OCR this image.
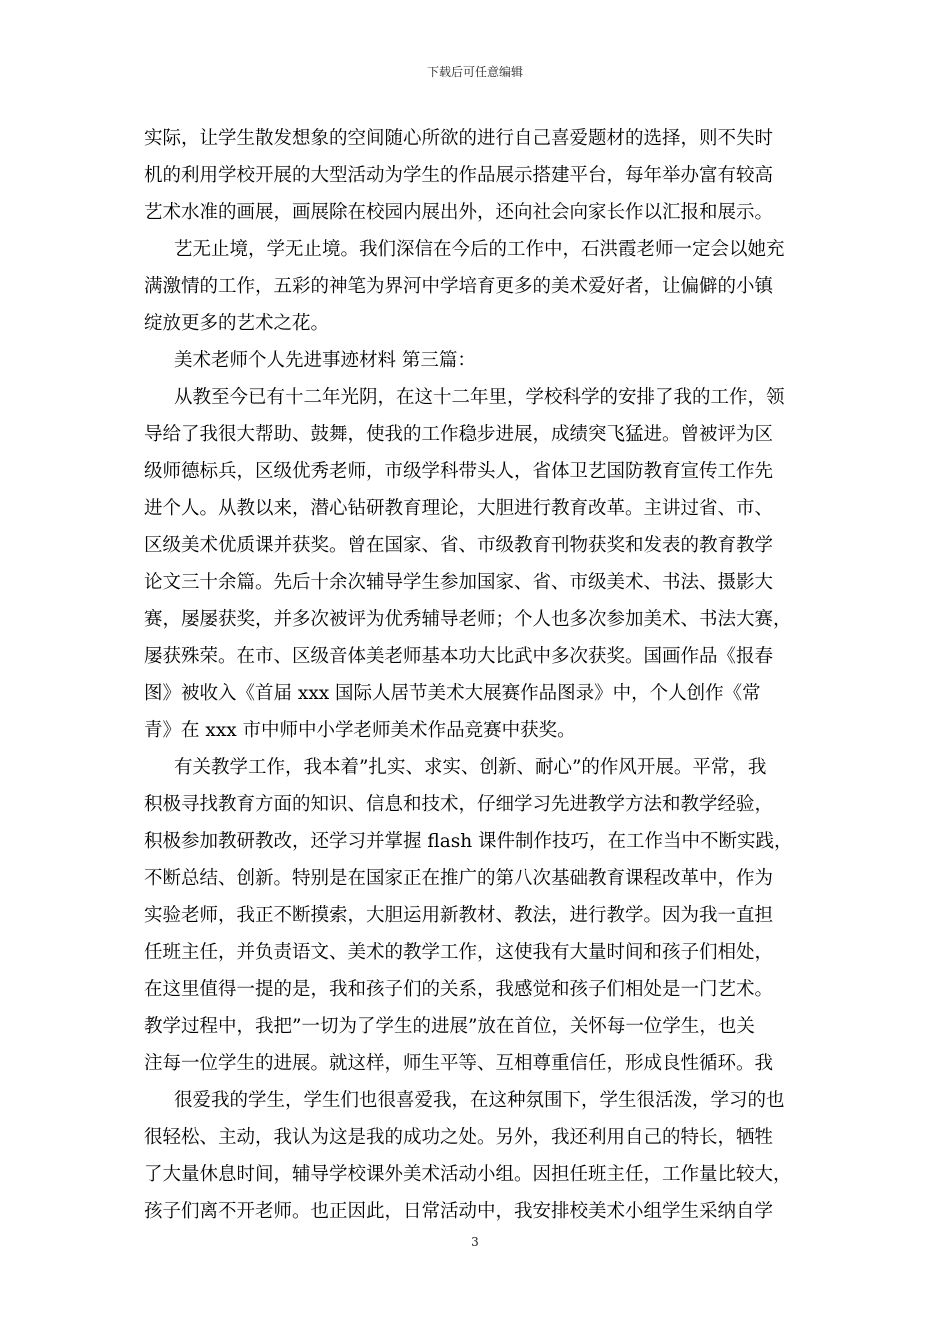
下载后可任意编辑
实际，让学生散发想象的空间随心所欲的进行自己喜爱题材的选择，则不失时
机的利用学校开展的大型活动为学生的作品展示搭建平台，每年举办富有较高
艺术水准的画展，画展除在校园内展出外，还向社会向家长作以汇报和展示。
艺无止境，学无止境。我们深信在今后的工作中，石洪霞老师一定会以她充
满激情的工作，五彩的神笔为界河中学培育更多的美术爱好者，让偏僻的小镇
绽放更多的艺术之花。
美术老师个人先进事迹材料 第三篇：
从教至今已有十二年光阴，在这十二年里，学校科学的安排了我的工作，领
导给了我很大帮助、鼓舞，使我的工作稳步进展，成绩突飞猛进。曾被评为区
级师德标兵，区级优秀老师，市级学科带头人，省体卫艺国防教育宣传工作先
进个人。从教以来，潜心钻研教育理论，大胆进行教育改革。主讲过省、市、
区级美术优质课并获奖。曾在国家、省、市级教育刊物获奖和发表的教育教学
论文三十余篇。先后十余次辅导学生参加国家、省、市级美术、书法、摄影大
赛，屡屡获奖，并多次被评为优秀辅导老师；个人也多次参加美术、书法大赛，
屡获殊荣。在市、区级音体美老师基本功大比武中多次获奖。国画作品《报春
图》被收入《首届 xxx 国际人居节美术大展赛作品图录》中，个人创作《常
青》在 xxx 市中师中小学老师美术作品竞赛中获奖。
有关教学工作，我本着”扎实、求实、创新、耐心”的作风开展。平常，我
积极寻找教育方面的知识、信息和技术，仔细学习先进教学方法和教学经验，
积极参加教研教改，还学习并掌握 flash 课件制作技巧，在工作当中不断实践，
不断总结、创新。特别是在国家正在推广的第八次基础教育课程改革中，作为
实验老师，我正不断摸索，大胆运用新教材、教法，进行教学。因为我一直担
任班主任，并负责语文、美术的教学工作，这使我有大量时间和孩子们相处，
在这里值得一提的是，我和孩子们的关系，我感觉和孩子们相处是一门艺术。
教学过程中，我把”一切为了学生的进展”放在首位，关怀每一位学生，也关
注每一位学生的进展。就这样，师生平等、互相尊重信任，形成良性循环。我
很爱我的学生，学生们也很喜爱我，在这种氛围下，学生很活泼，学习的也
很轻松、主动，我认为这是我的成功之处。另外，我还利用自己的特长，牺牲
了大量休息时间，辅导学校课外美术活动小组。因担任班主任，工作量比较大，
孩子们离不开老师。也正因此，日常活动中，我安排校美术小组学生采纳自学
3
